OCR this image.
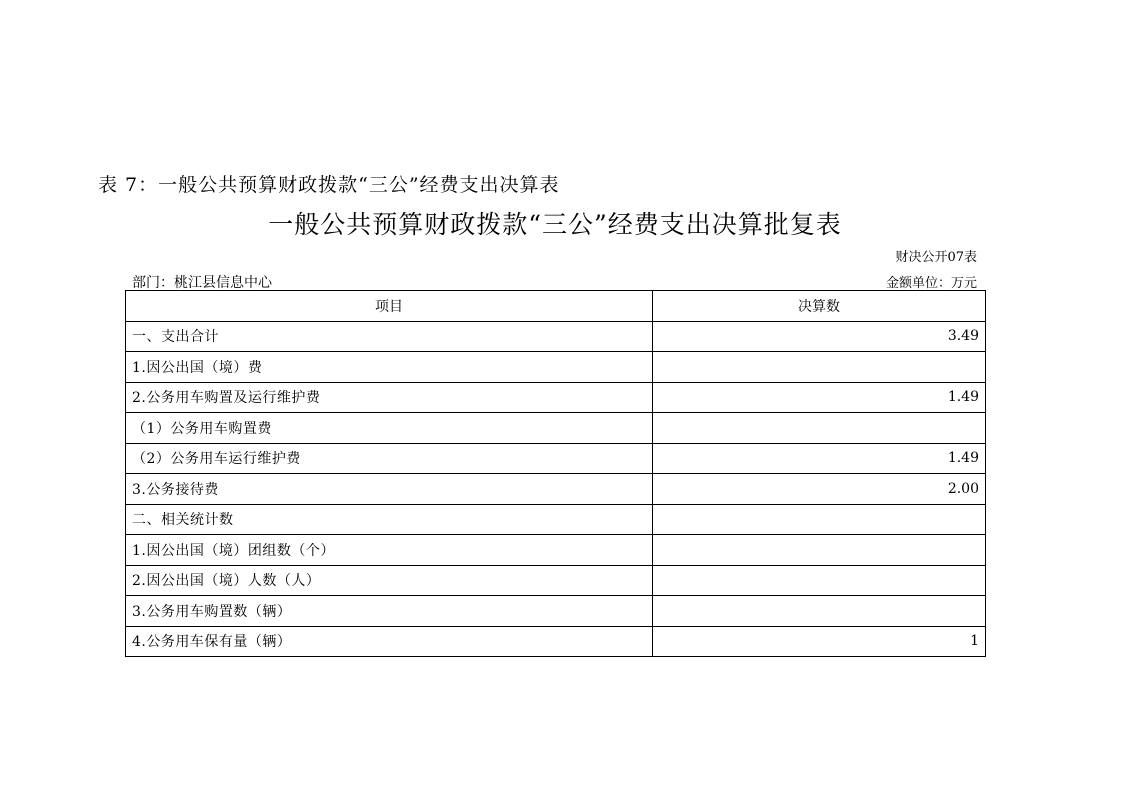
表 7：一般公共预算财政拨款“三公”经费支出决算表
一般公共预算财政拨款“三公”经费支出决算批复表
财决公开07表
部门：桃江县信息中心	金额单位：万元
项目	决算数
一、支出合计	3.49
1.因公出国（境）费	
2.公务用车购置及运行维护费	1.49
（1）公务用车购置费	
（2）公务用车运行维护费	1.49
3.公务接待费	2.00
二、相关统计数	
1.因公出国（境）团组数（个）	
2.因公出国（境）人数（人）	
3.公务用车购置数（辆）	
4.公务用车保有量（辆）	1
